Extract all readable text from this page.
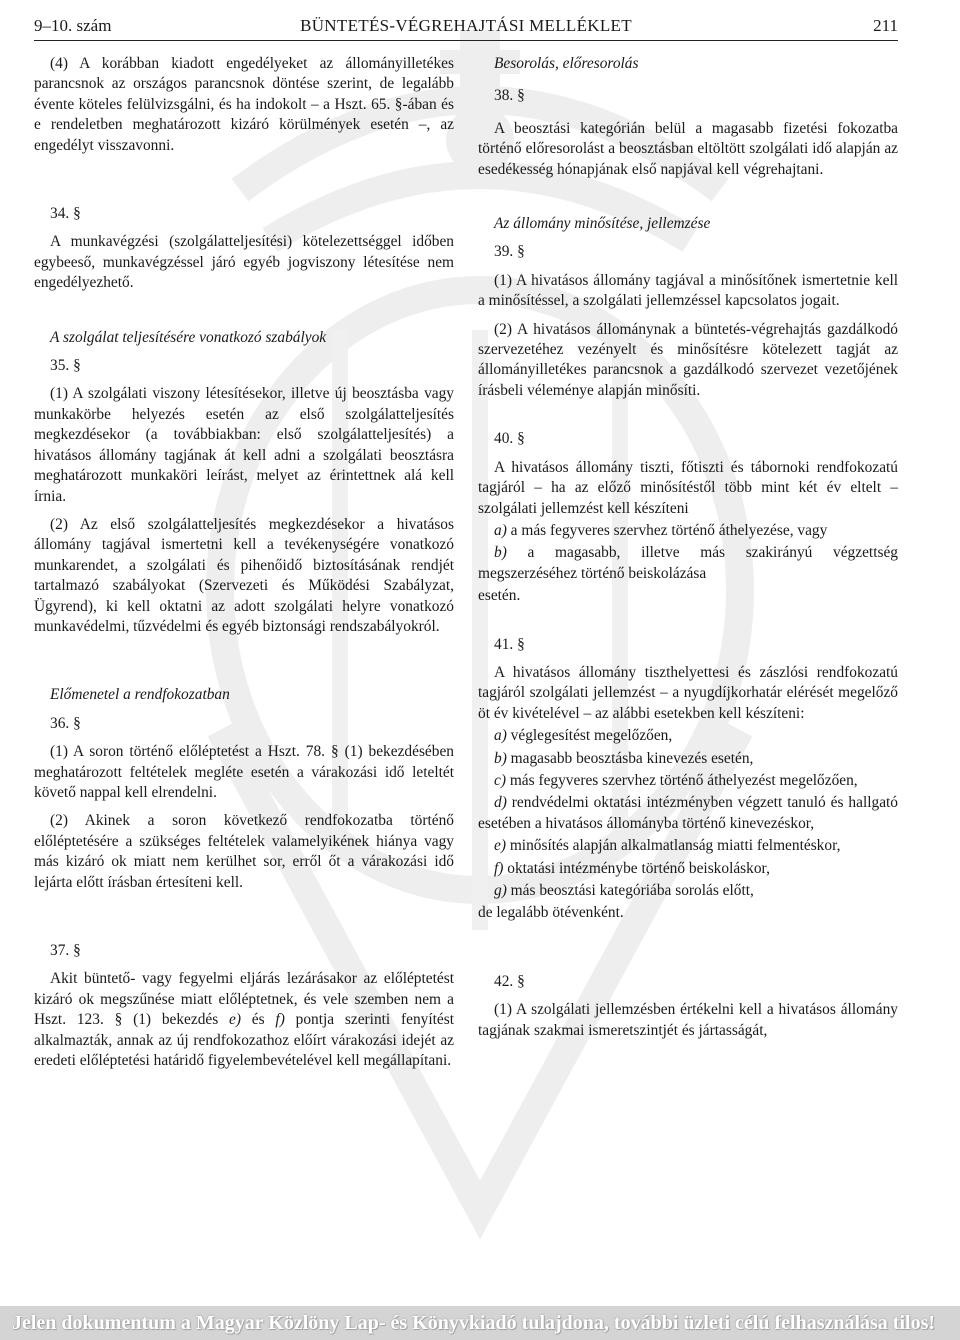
9–10. szám	BÜNTETÉS-VÉGREHAJTÁSI MELLÉKLET	211

(4) A korábban kiadott engedélyeket az állományilletékes parancsnok az országos parancsnok döntése szerint, de legalább évente köteles felülvizsgálni, és ha indokolt – a Hszt. 65. §-ában és e rendeletben meghatározott kizáró körülmények esetén –, az engedélyt visszavonni.

34. §

A munkavégzési (szolgálatteljesítési) kötelezettséggel időben egybeeső, munkavégzéssel járó egyéb jogviszony létesítése nem engedélyezhető.

A szolgálat teljesítésére vonatkozó szabályok

35. §

(1) A szolgálati viszony létesítésekor, illetve új beosztásba vagy munkakörbe helyezés esetén az első szolgálatteljesítés megkezdésekor (a továbbiakban: első szolgálatteljesítés) a hivatásos állomány tagjának át kell adni a szolgálati beosztásra meghatározott munkaköri leírást, melyet az érintettnek alá kell írnia.

(2) Az első szolgálatteljesítés megkezdésekor a hivatásos állomány tagjával ismertetni kell a tevékenységére vonatkozó munkarendet, a szolgálati és pihenőidő biztosításának rendjét tartalmazó szabályokat (Szervezeti és Működési Szabályzat, Ügyrend), ki kell oktatni az adott szolgálati helyre vonatkozó munkavédelmi, tűzvédelmi és egyéb biztonsági rendszabályokról.

Előmenetel a rendfokozatban

36. §

(1) A soron történő előléptetést a Hszt. 78. § (1) bekezdésében meghatározott feltételek megléte esetén a várakozási idő leteltét követő nappal kell elrendelni.

(2) Akinek a soron következő rendfokozatba történő előléptetésére a szükséges feltételek valamelyikének hiánya vagy más kizáró ok miatt nem kerülhet sor, erről őt a várakozási idő lejárta előtt írásban értesíteni kell.

37. §

Akit büntető- vagy fegyelmi eljárás lezárásakor az előléptetést kizáró ok megszűnése miatt előléptetnek, és vele szemben nem a Hszt. 123. § (1) bekezdés e) és f) pontja szerinti fenyítést alkalmazták, annak az új rendfokozathoz előírt várakozási idejét az eredeti előléptetési határidő figyelembevételével kell megállapítani.

Besorolás, előresorolás

38. §

A beosztási kategórián belül a magasabb fizetési fokozatba történő előresorolást a beosztásban eltöltött szolgálati idő alapján az esedékesség hónapjának első napjával kell végrehajtani.

Az állomány minősítése, jellemzése

39. §

(1) A hivatásos állomány tagjával a minősítőnek ismertetnie kell a minősítéssel, a szolgálati jellemzéssel kapcsolatos jogait.

(2) A hivatásos állománynak a büntetés-végrehajtás gazdálkodó szervezetéhez vezényelt és minősítésre kötelezett tagját az állományilletékes parancsnok a gazdálkodó szervezet vezetőjének írásbeli véleménye alapján minősíti.

40. §

A hivatásos állomány tiszti, főtiszti és tábornoki rendfokozatú tagjáról – ha az előző minősítéstől több mint két év eltelt – szolgálati jellemzést kell készíteni

a) a más fegyveres szervhez történő áthelyezése, vagy

b) a magasabb, illetve más szakirányú végzettség megszerzéséhez történő beiskolázása

esetén.

41. §

A hivatásos állomány tiszthelyettesi és zászlósi rendfokozatú tagjáról szolgálati jellemzést – a nyugdíjkorhatár elérését megelőző öt év kivételével – az alábbi esetekben kell készíteni:

a) véglegesítést megelőzően,

b) magasabb beosztásba kinevezés esetén,

c) más fegyveres szervhez történő áthelyezést megelőzően,

d) rendvédelmi oktatási intézményben végzett tanuló és hallgató esetében a hivatásos állományba történő kinevezéskor,

e) minősítés alapján alkalmatlanság miatti felmentéskor,

f) oktatási intézménybe történő beiskoláskor,

g) más beosztási kategóriába sorolás előtt,

de legalább ötévenként.

42. §

(1) A szolgálati jellemzésben értékelni kell a hivatásos állomány tagjának szakmai ismeretszintjét és jártasságát,

Jelen dokumentum a Magyar Közlöny Lap- és Könyvkiadó tulajdona, további üzleti célú felhasználása tilos!
